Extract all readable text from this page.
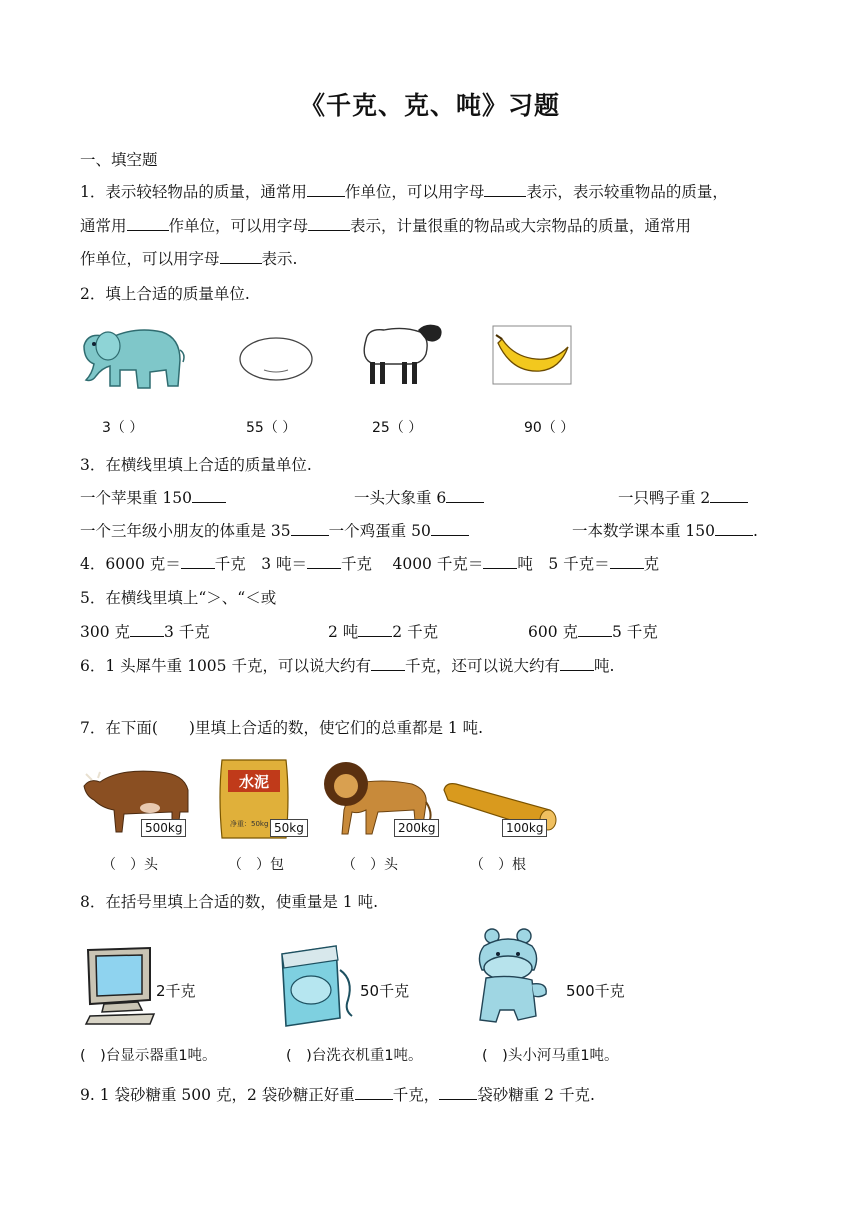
《千克、克、吨》习题
一、填空题
1．表示较轻物品的质量，通常用 作单位，可以用字母	表示，表示较重物品的质量，
通常用	作单位，可以用字母	表示，计量很重的物品或大宗物品的质量，通常用
作单位，可以用字母	表示.
2．填上合适的质量单位.
3（ ）	55（ ）	25（ ）	90（ ）
3．在横线里填上合适的质量单位.
一个苹果重 150	一头大象重 6	一只鸭子重 2
一个三年级小朋友的体重是 35 一个鸡蛋重 50	一本数学课本重 150 .
4．6000 克＝ 千克　3 吨＝ 千克　 4000 千克＝ 吨　5 千克＝ 克
5．在横线里填上“＞、“＜或
300 克 3 千克	2 吨 2 千克	600 克 5 千克
6．1 头犀牛重 1005 千克，可以说大约有 千克，还可以说大约有 吨.
7．在下面(　　)里填上合适的数，使它们的总重都是 1 吨.
500kg
水泥
净重：50kg 50kg	200kg	100kg
（　）头	（　）包	（　）头	（　）根
8．在括号里填上合适的数，使重量是 1 吨.
2千克	50千克	500千克
(　)台显示器重1吨。	(　)台洗衣机重1吨。	(　)头小河马重1吨。
9. 1 袋砂糖重 500 克，2 袋砂糖正好重 千克， 袋砂糖重 2 千克.
